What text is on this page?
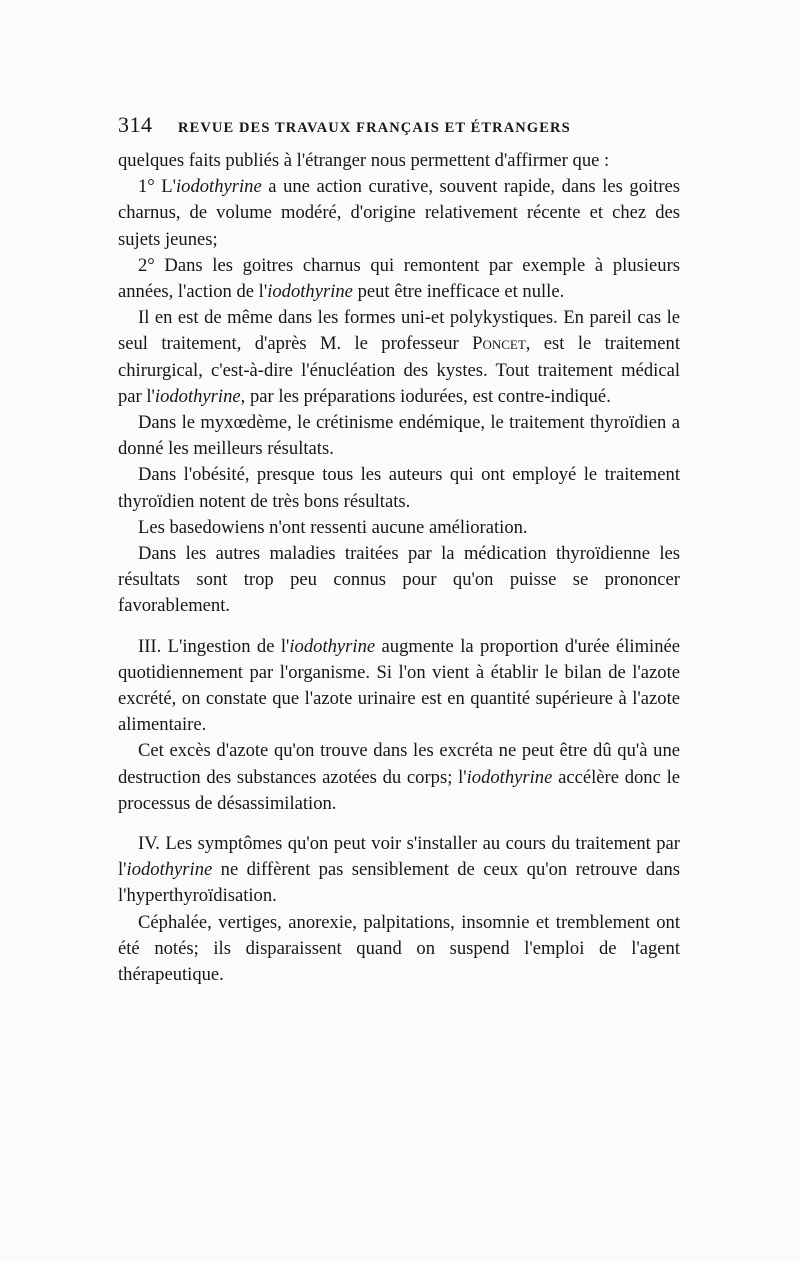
314	REVUE DES TRAVAUX FRANÇAIS ET ÉTRANGERS

quelques faits publiés à l'étranger nous permettent d'affirmer que :

1° L'iodothyrine a une action curative, souvent rapide, dans les goitres charnus, de volume modéré, d'origine relativement récente et chez des sujets jeunes;

2° Dans les goitres charnus qui remontent par exemple à plusieurs années, l'action de l'iodothyrine peut être inefficace et nulle.

Il en est de même dans les formes uni-et polykystiques. En pareil cas le seul traitement, d'après M. le professeur Poncet, est le traitement chirurgical, c'est-à-dire l'énucléation des kystes. Tout traitement médical par l'iodothyrine, par les préparations iodurées, est contre-indiqué.

Dans le myxœdème, le crétinisme endémique, le traitement thyroïdien a donné les meilleurs résultats.

Dans l'obésité, presque tous les auteurs qui ont employé le traitement thyroïdien notent de très bons résultats.

Les basedowiens n'ont ressenti aucune amélioration.

Dans les autres maladies traitées par la médication thyroïdienne les résultats sont trop peu connus pour qu'on puisse se prononcer favorablement.

III. L'ingestion de l'iodothyrine augmente la proportion d'urée éliminée quotidiennement par l'organisme. Si l'on vient à établir le bilan de l'azote excrété, on constate que l'azote urinaire est en quantité supérieure à l'azote alimentaire.

Cet excès d'azote qu'on trouve dans les excréta ne peut être dû qu'à une destruction des substances azotées du corps; l'iodothyrine accélère donc le processus de désassimilation.

IV. Les symptômes qu'on peut voir s'installer au cours du traitement par l'iodothyrine ne diffèrent pas sensiblement de ceux qu'on retrouve dans l'hyperthyroïdisation.

Céphalée, vertiges, anorexie, palpitations, insomnie et tremblement ont été notés; ils disparaissent quand on suspend l'emploi de l'agent thérapeutique.
